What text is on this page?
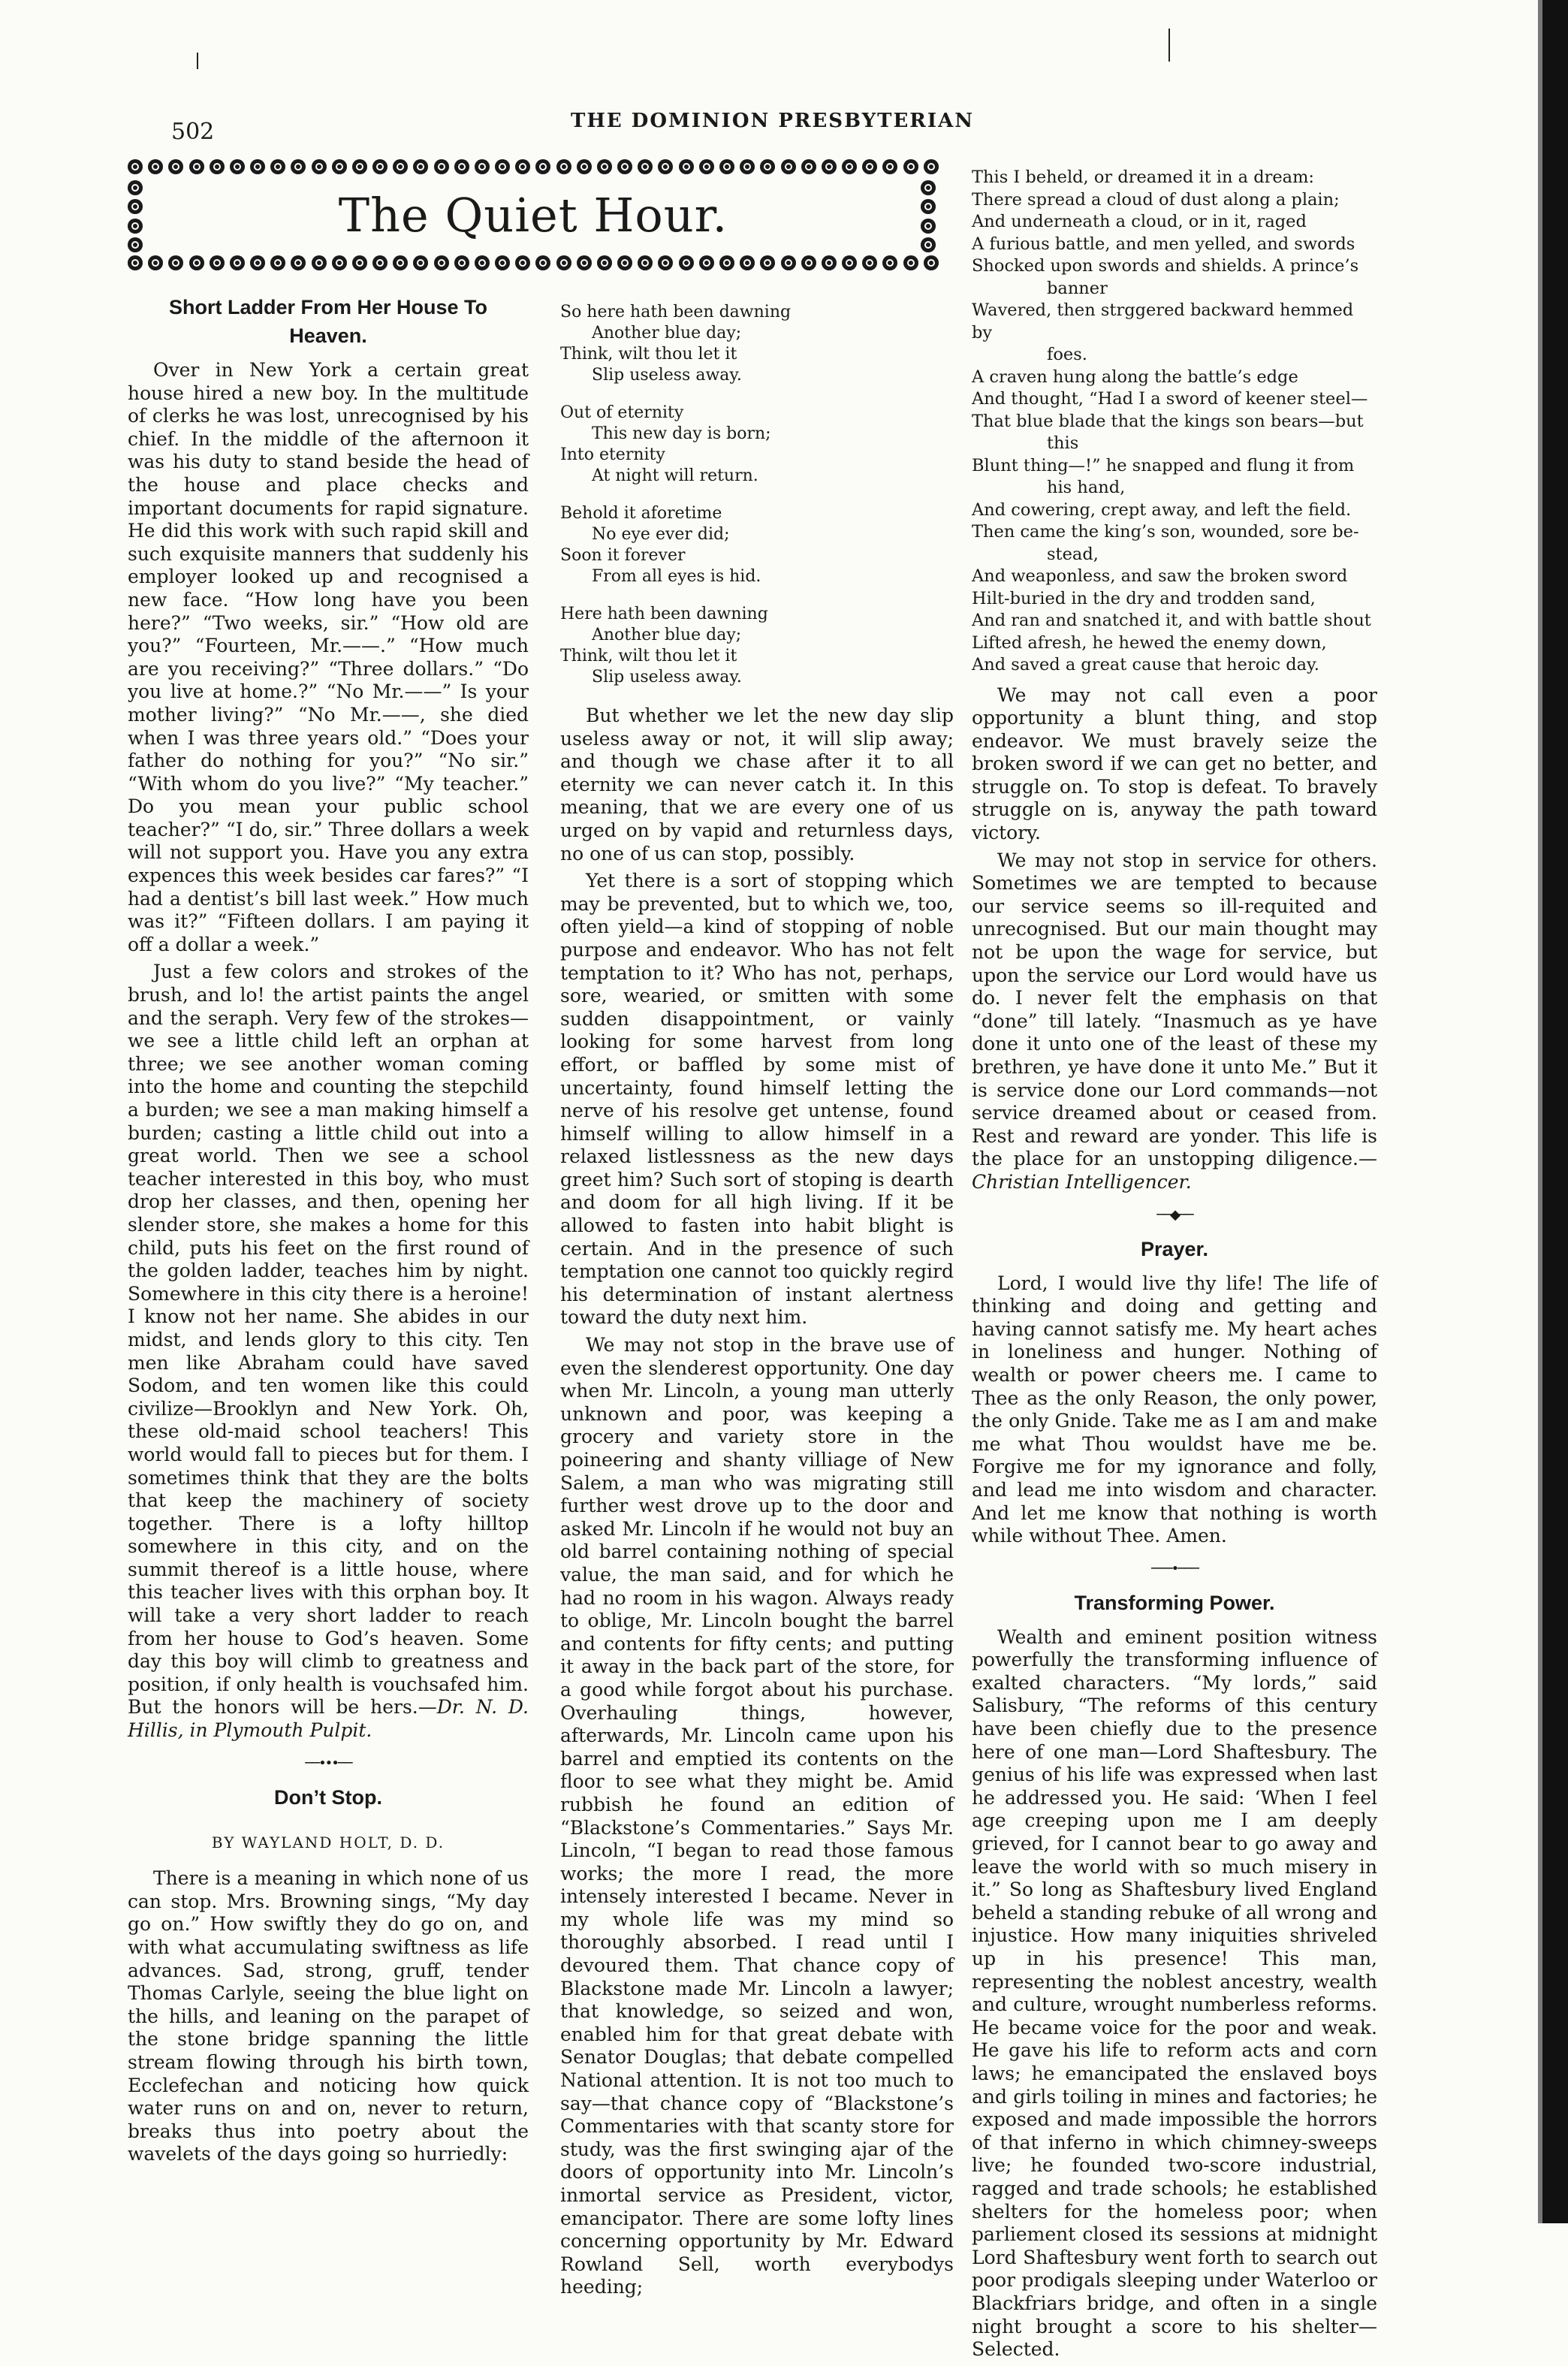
502	THE DOMINION PRESBYTERIAN
The Quiet Hour.
Short Ladder From Her House To Heaven.

Over in New York a certain great house hired a new boy. In the multitude of clerks he was lost, unrecognised by his chief. In the middle of the afternoon it was his duty to stand beside the head of the house and place checks and important documents for rapid signature. He did this work with such rapid skill and such exquisite manners that suddenly his employer looked up and recognised a new face. “How long have you been here?” “Two weeks, sir.” “How old are you?” “Fourteen, Mr.——.” “How much are you receiving?” “Three dollars.” “Do you live at home.?” “No Mr.——” Is your mother living?” “No Mr.——, she died when I was three years old.” “Does your father do nothing for you?” “No sir.” “With whom do you live?” “My teacher.” Do you mean your public school teacher?” “I do, sir.” Three dollars a week will not support you. Have you any extra expences this week besides car fares?” “I had a dentist’s bill last week.” How much was it?” “Fifteen dollars. I am paying it off a dollar a week.”

Just a few colors and strokes of the brush, and lo! the artist paints the angel and the seraph. Very few of the strokes— we see a little child left an orphan at three; we see another woman coming into the home and counting the stepchild a burden; we see a man making himself a burden; casting a little child out into a great world. Then we see a school teacher interested in this boy, who must drop her classes, and then, opening her slender store, she makes a home for this child, puts his feet on the first round of the golden ladder, teaches him by night. Somewhere in this city there is a heroine! I know not her name. She abides in our midst, and lends glory to this city. Ten men like Abraham could have saved Sodom, and ten women like this could civilize—Brooklyn and New York. Oh, these old-maid school teachers! This world would fall to pieces but for them. I sometimes think that they are the bolts that keep the machinery of society together. There is a lofty hilltop somewhere in this city, and on the summit thereof is a little house, where this teacher lives with this orphan boy. It will take a very short ladder to reach from her house to God’s heaven. Some day this boy will climb to greatness and position, if only health is vouchsafed him. But the honors will be hers.—Dr. N. D. Hillis, in Plymouth Pulpit.

──•••──
Don’t Stop.
BY WAYLAND HOLT, D. D.

There is a meaning in which none of us can stop. Mrs. Browning sings, “My day go on.” How swiftly they do go on, and with what accumulating swiftness as life advances. Sad, strong, gruff, tender Thomas Carlyle, seeing the blue light on the hills, and leaning on the parapet of the stone bridge spanning the little stream flowing through his birth town, Ecclefechan and noticing how quick water runs on and on, never to return, breaks thus into poetry about the wavelets of the days going so hurriedly:

So here hath been dawning
Another blue day;
Think, wilt thou let it
Slip useless away.
Out of eternity
This new day is born;
Into eternity
At night will return.
Behold it aforetime
No eye ever did;
Soon it forever
From all eyes is hid.
Here hath been dawning
Another blue day;
Think, wilt thou let it
Slip useless away.

But whether we let the new day slip useless away or not, it will slip away; and though we chase after it to all eternity we can never catch it. In this meaning, that we are every one of us urged on by vapid and returnless days, no one of us can stop, possibly.

Yet there is a sort of stopping which may be prevented, but to which we, too, often yield—a kind of stopping of noble purpose and endeavor. Who has not felt temptation to it? Who has not, perhaps, sore, wearied, or smitten with some sudden disappointment, or vainly looking for some harvest from long effort, or baffled by some mist of uncertainty, found himself letting the nerve of his resolve get untense, found himself willing to allow himself in a relaxed listlessness as the new days greet him? Such sort of stoping is dearth and doom for all high living. If it be allowed to fasten into habit blight is certain. And in the presence of such temptation one cannot too quickly regird his determination of instant alertness toward the duty next him.

We may not stop in the brave use of even the slenderest opportunity. One day when Mr. Lincoln, a young man utterly unknown and poor, was keeping a grocery and variety store in the poineering and shanty villiage of New Salem, a man who was migrating still further west drove up to the door and asked Mr. Lincoln if he would not buy an old barrel containing nothing of special value, the man said, and for which he had no room in his wagon. Always ready to oblige, Mr. Lincoln bought the barrel and contents for fifty cents; and putting it away in the back part of the store, for a good while forgot about his purchase. Overhauling things, however, afterwards, Mr. Lincoln came upon his barrel and emptied its contents on the floor to see what they might be. Amid rubbish he found an edition of “Blackstone’s Commentaries.” Says Mr. Lincoln, “I began to read those famous works; the more I read, the more intensely interested I became. Never in my whole life was my mind so thoroughly absorbed. I read until I devoured them. That chance copy of Blackstone made Mr. Lincoln a lawyer; that knowledge, so seized and won, enabled him for that great debate with Senator Douglas; that debate compelled National attention. It is not too much to say—that chance copy of “Blackstone’s Commentaries with that scanty store for study, was the first swinging ajar of the doors of opportunity into Mr. Lincoln’s inmortal service as President, victor, emancipator. There are some lofty lines concerning opportunity by Mr. Edward Rowland Sell, worth everybodys heeding;

This I beheld, or dreamed it in a dream:
There spread a cloud of dust along a plain;
And underneath a cloud, or in it, raged
A furious battle, and men yelled, and swords
Shocked upon swords and shields. A prince’s
banner
Wavered, then strggered backward hemmed by
foes.
A craven hung along the battle’s edge
And thought, “Had I a sword of keener steel—
That blue blade that the kings son bears—but
this
Blunt thing—!” he snapped and flung it from
his hand,
And cowering, crept away, and left the field.
Then came the king’s son, wounded, sore be-
stead,
And weaponless, and saw the broken sword
Hilt-buried in the dry and trodden sand,
And ran and snatched it, and with battle shout
Lifted afresh, he hewed the enemy down,
And saved a great cause that heroic day.

We may not call even a poor opportunity a blunt thing, and stop endeavor. We must bravely seize the broken sword if we can get no better, and struggle on. To stop is defeat. To bravely struggle on is, anyway the path toward victory.

We may not stop in service for others. Sometimes we are tempted to because our service seems so ill-requited and unrecognised. But our main thought may not be upon the wage for service, but upon the service our Lord would have us do. I never felt the emphasis on that “done” till lately. “Inasmuch as ye have done it unto one of the least of these my brethren, ye have done it unto Me.” But it is service done our Lord commands—not service dreamed about or ceased from. Rest and reward are yonder. This life is the place for an unstopping diligence.—Christian Intelligencer.

──◆──
Prayer.

Lord, I would live thy life! The life of thinking and doing and getting and having cannot satisfy me. My heart aches in loneliness and hunger. Nothing of wealth or power cheers me. I came to Thee as the only Reason, the only power, the only Gnide. Take me as I am and make me what Thou wouldst have me be. Forgive me for my ignorance and folly, and lead me into wisdom and character. And let me know that nothing is worth while without Thee. Amen.

───•───
Transforming Power.

Wealth and eminent position witness powerfully the transforming influence of exalted characters. “My lords,” said Salisbury, “The reforms of this century have been chiefly due to the presence here of one man—Lord Shaftesbury. The genius of his life was expressed when last he addressed you. He said: ‘When I feel age creeping upon me I am deeply grieved, for I cannot bear to go away and leave the world with so much misery in it.” So long as Shaftesbury lived England beheld a standing rebuke of all wrong and injustice. How many iniquities shriveled up in his presence! This man, representing the noblest ancestry, wealth and culture, wrought numberless reforms. He became voice for the poor and weak. He gave his life to reform acts and corn laws; he emancipated the enslaved boys and girls toiling in mines and factories; he exposed and made impossible the horrors of that inferno in which chimney-sweeps live; he founded two-score industrial, ragged and trade schools; he established shelters for the homeless poor; when parliement closed its sessions at midnight Lord Shaftesbury went forth to search out poor prodigals sleeping under Waterloo or Blackfriars bridge, and often in a single night brought a score to his shelter—Selected.
